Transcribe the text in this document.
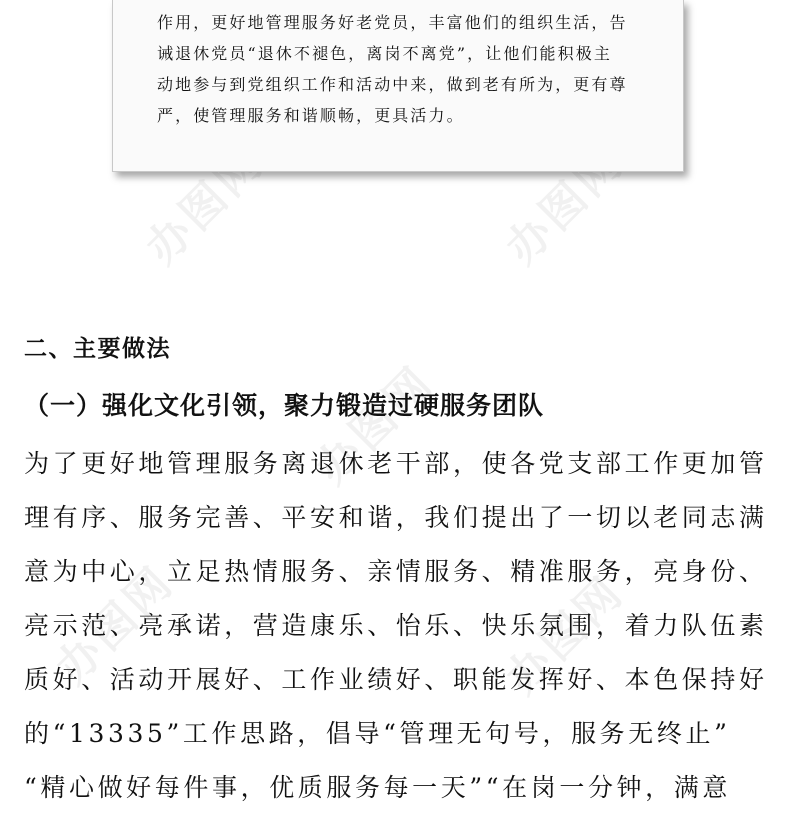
办图网	办图网
办图网
办图网	办图网
作用，更好地管理服务好老党员，丰富他们的组织生活，告
诫退休党员“退休不褪色，离岗不离党”，让他们能积极主
动地参与到党组织工作和活动中来，做到老有所为，更有尊
严，使管理服务和谐顺畅，更具活力。
二、主要做法
（一）强化文化引领，聚力锻造过硬服务团队
为了更好地管理服务离退休老干部，使各党支部工作更加管
理有序、服务完善、平安和谐，我们提出了一切以老同志满
意为中心，立足热情服务、亲情服务、精准服务，亮身份、
亮示范、亮承诺，营造康乐、怡乐、快乐氛围，着力队伍素
质好、活动开展好、工作业绩好、职能发挥好、本色保持好
的“13335”工作思路，倡导“管理无句号，服务无终止”
“精心做好每件事，优质服务每一天”“在岗一分钟，满意
